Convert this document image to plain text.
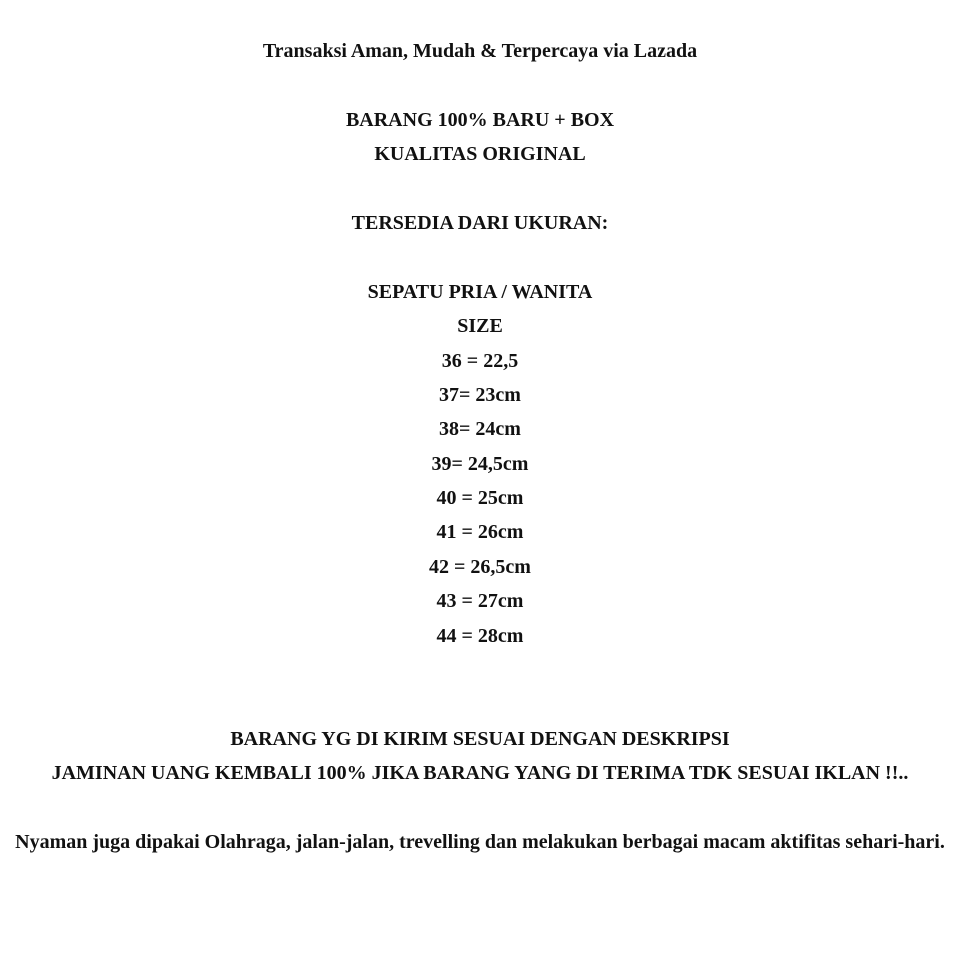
Transaksi Aman, Mudah & Terpercaya via Lazada
BARANG 100% BARU + BOX
KUALITAS ORIGINAL
TERSEDIA DARI UKURAN:
SEPATU PRIA / WANITA
SIZE
36 = 22,5
37= 23cm
38= 24cm
39= 24,5cm
40 = 25cm
41 = 26cm
42 = 26,5cm
43 = 27cm
44 = 28cm
BARANG YG DI KIRIM SESUAI DENGAN DESKRIPSI
JAMINAN UANG KEMBALI 100% JIKA BARANG YANG DI TERIMA TDK SESUAI IKLAN !!..
Nyaman juga dipakai Olahraga, jalan-jalan, trevelling dan melakukan berbagai macam aktifitas sehari-hari.
